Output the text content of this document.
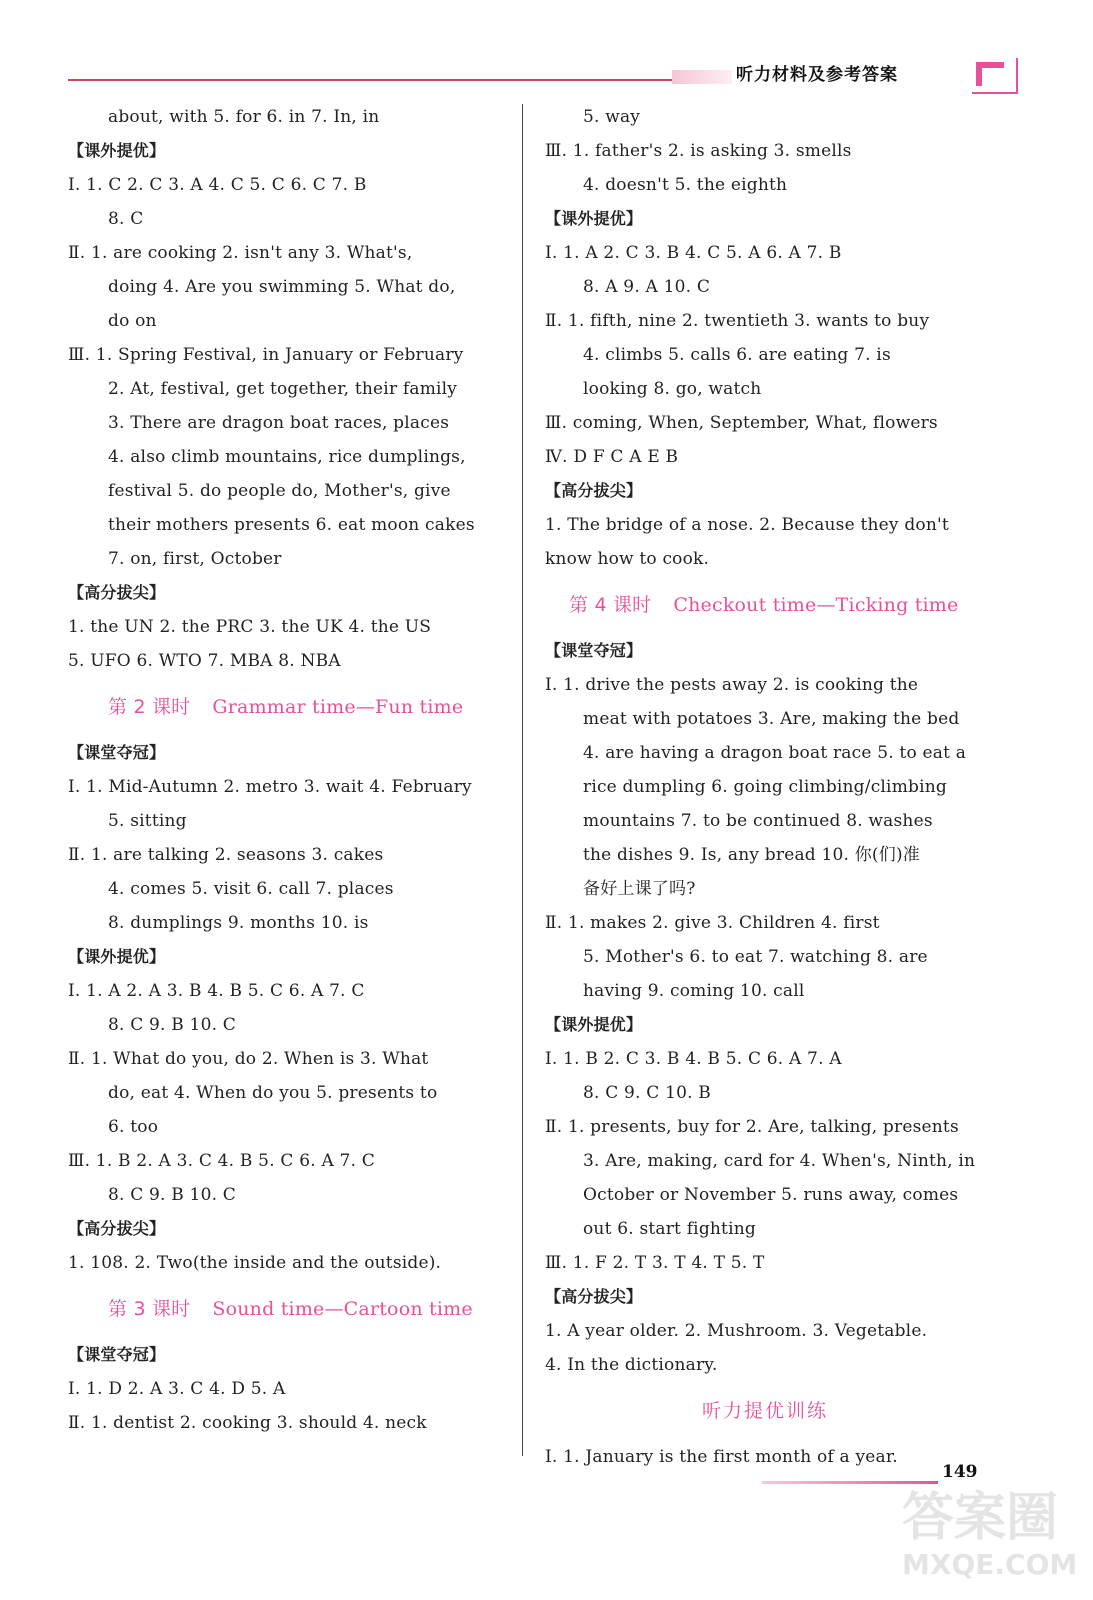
听力材料及参考答案
about, with 5. for 6. in 7. In, in
【课外提优】
Ⅰ. 1. C 2. C 3. A 4. C 5. C 6. C 7. B
8. C
Ⅱ. 1. are cooking 2. isn't any 3. What's,
doing 4. Are you swimming 5. What do,
do on
Ⅲ. 1. Spring Festival, in January or February
2. At, festival, get together, their family
3. There are dragon boat races, places
4. also climb mountains, rice dumplings,
festival 5. do people do, Mother's, give
their mothers presents 6. eat moon cakes
7. on, first, October
【高分拔尖】
1. the UN 2. the PRC 3. the UK 4. the US
5. UFO 6. WTO 7. MBA 8. NBA
第 2 课时 Grammar time—Fun time
【课堂夺冠】
Ⅰ. 1. Mid-Autumn 2. metro 3. wait 4. February
5. sitting
Ⅱ. 1. are talking 2. seasons 3. cakes
4. comes 5. visit 6. call 7. places
8. dumplings 9. months 10. is
【课外提优】
Ⅰ. 1. A 2. A 3. B 4. B 5. C 6. A 7. C
8. C 9. B 10. C
Ⅱ. 1. What do you, do 2. When is 3. What
do, eat 4. When do you 5. presents to
6. too
Ⅲ. 1. B 2. A 3. C 4. B 5. C 6. A 7. C
8. C 9. B 10. C
【高分拔尖】
1. 108. 2. Two(the inside and the outside).
第 3 课时 Sound time—Cartoon time
【课堂夺冠】
Ⅰ. 1. D 2. A 3. C 4. D 5. A
Ⅱ. 1. dentist 2. cooking 3. should 4. neck
5. way
Ⅲ. 1. father's 2. is asking 3. smells
4. doesn't 5. the eighth
【课外提优】
Ⅰ. 1. A 2. C 3. B 4. C 5. A 6. A 7. B
8. A 9. A 10. C
Ⅱ. 1. fifth, nine 2. twentieth 3. wants to buy
4. climbs 5. calls 6. are eating 7. is
looking 8. go, watch
Ⅲ. coming, When, September, What, flowers
Ⅳ. D F C A E B
【高分拔尖】
1. The bridge of a nose. 2. Because they don't
know how to cook.
第 4 课时 Checkout time—Ticking time
【课堂夺冠】
Ⅰ. 1. drive the pests away 2. is cooking the
meat with potatoes 3. Are, making the bed
4. are having a dragon boat race 5. to eat a
rice dumpling 6. going climbing/climbing
mountains 7. to be continued 8. washes
the dishes 9. Is, any bread 10. 你(们)准
备好上课了吗?
Ⅱ. 1. makes 2. give 3. Children 4. first
5. Mother's 6. to eat 7. watching 8. are
having 9. coming 10. call
【课外提优】
Ⅰ. 1. B 2. C 3. B 4. B 5. C 6. A 7. A
8. C 9. C 10. B
Ⅱ. 1. presents, buy for 2. Are, talking, presents
3. Are, making, card for 4. When's, Ninth, in
October or November 5. runs away, comes
out 6. start fighting
Ⅲ. 1. F 2. T 3. T 4. T 5. T
【高分拔尖】
1. A year older. 2. Mushroom. 3. Vegetable.
4. In the dictionary.
听力提优训练
Ⅰ. 1. January is the first month of a year.
149
答案圈
MXQE.COM
